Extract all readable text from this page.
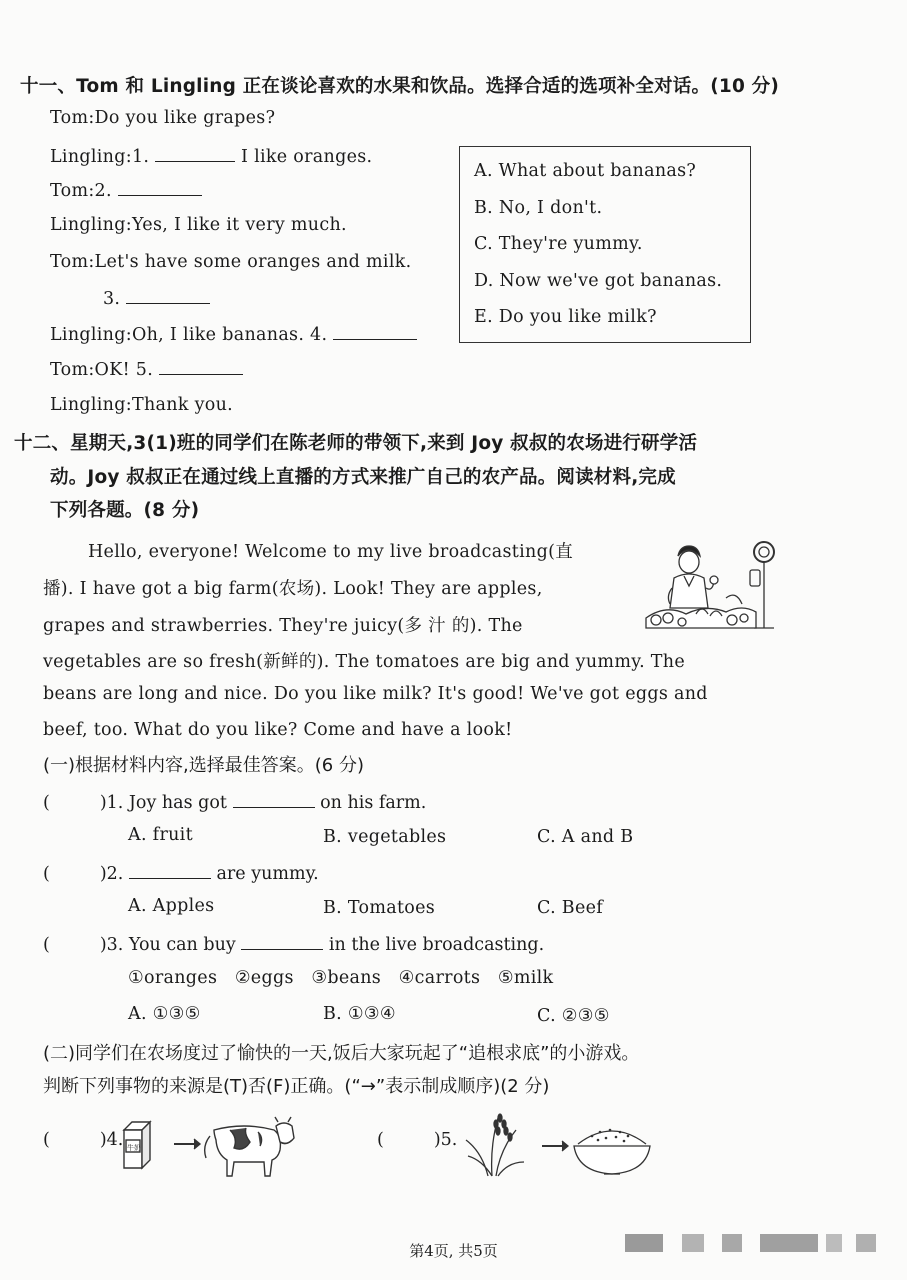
十一、Tom 和 Lingling 正在谈论喜欢的水果和饮品。选择合适的选项补全对话。(10 分)
Tom:Do you like grapes?
Lingling:1.	I like oranges.
Tom:2.
Lingling:Yes, I like it very much.
Tom:Let's have some oranges and milk.
3.
Lingling:Oh, I like bananas. 4.
Tom:OK! 5.
Lingling:Thank you.
A. What about bananas?
B. No, I don't.
C. They're yummy.
D. Now we've got bananas.
E. Do you like milk?
十二、星期天,3(1)班的同学们在陈老师的带领下,来到 Joy 叔叔的农场进行研学活
动。Joy 叔叔正在通过线上直播的方式来推广自己的农产品。阅读材料,完成
下列各题。(8 分)
Hello, everyone! Welcome to my live broadcasting(直
播). I have got a big farm(农场). Look! They are apples,
grapes and strawberries. They're juicy(多 汁 的). The
vegetables are so fresh(新鲜的). The tomatoes are big and yummy. The
beans are long and nice. Do you like milk? It's good! We've got eggs and
beef, too. What do you like? Come and have a look!
(一)根据材料内容,选择最佳答案。(6 分)
(	)1. Joy has got	on his farm.
A. fruit	B. vegetables	C. A and B
(	)2.	are yummy.
A. Apples	B. Tomatoes	C. Beef
(	)3. You can buy	in the live broadcasting.
①oranges   ②eggs   ③beans   ④carrots   ⑤milk
A. ①③⑤	B. ①③④	C. ②③⑤
(二)同学们在农场度过了愉快的一天,饭后大家玩起了“追根求底”的小游戏。
判断下列事物的来源是(T)否(F)正确。(“→”表示制成顺序)(2 分)
(	)4. 牛奶	(	)5.
第4页, 共5页
